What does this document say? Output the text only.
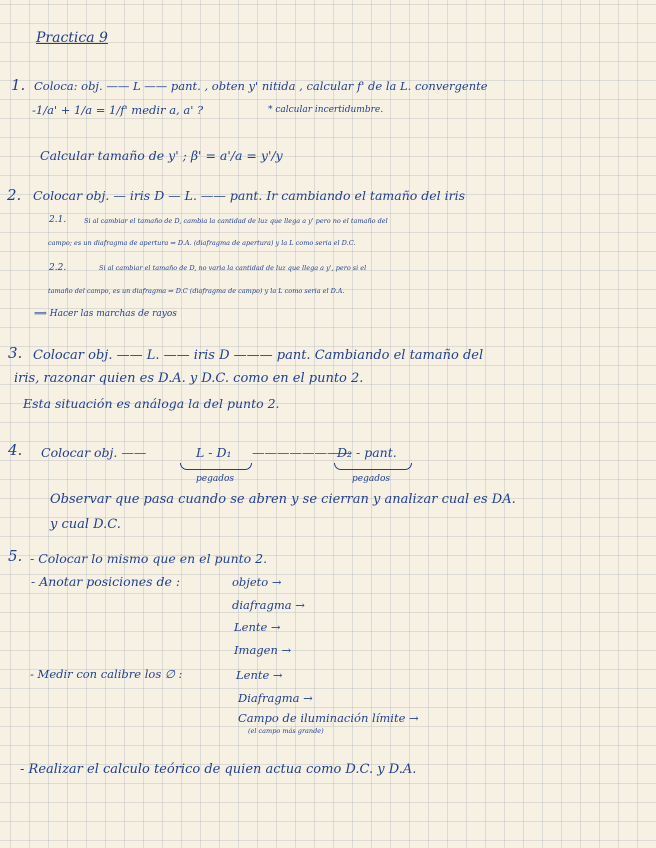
Practica 9
1. Coloca: obj. —— L —— pant. , obten y' nitida , calcular f' de la L. convergente
-1/a' + 1/a = 1/f' medir a, a' ?	* calcular incertidumbre.
Calcular tamaño de y' ; β' = a'/a = y'/y
2. Colocar obj. — iris D — L. —— pant. Ir cambiando el tamaño del iris
2.1.	Si al cambiar el tamaño de D, cambia la cantidad de luz que llega a y' pero no el tamaño del
campo; es un diafragma de apertura ⇒ D.A. (diafragma de apertura) y la L como seria el D.C.
2.2.	Si al cambiar el tamaño de D, no varia la cantidad de luz que llega a y', pero si el
tamaño del campo, es un diafragma ⇒ D.C (diafragma de campo) y la L como seria el D.A.
⟹ Hacer las marchas de rayos
3. Colocar obj. —— L. —— iris D ——— pant. Cambiando el tamaño del
iris, razonar quien es D.A. y D.C. como en el punto 2.
Esta situación es análoga la del punto 2.
4. Colocar obj. ——	L - D₁
pegados
————————
D₂ - pant.
pegados
Observar que pasa cuando se abren y se cierran y analizar cual es DA.
y cual D.C.
5. - Colocar lo mismo que en el punto 2.
- Anotar posiciones de :	objeto →
diafragma →
Lente →
Imagen →
- Medir con calibre los ∅ :	Lente →
Diafragma →
Campo de iluminación límite →
(el campo más grande)
- Realizar el calculo teórico de quien actua como D.C. y D.A.
